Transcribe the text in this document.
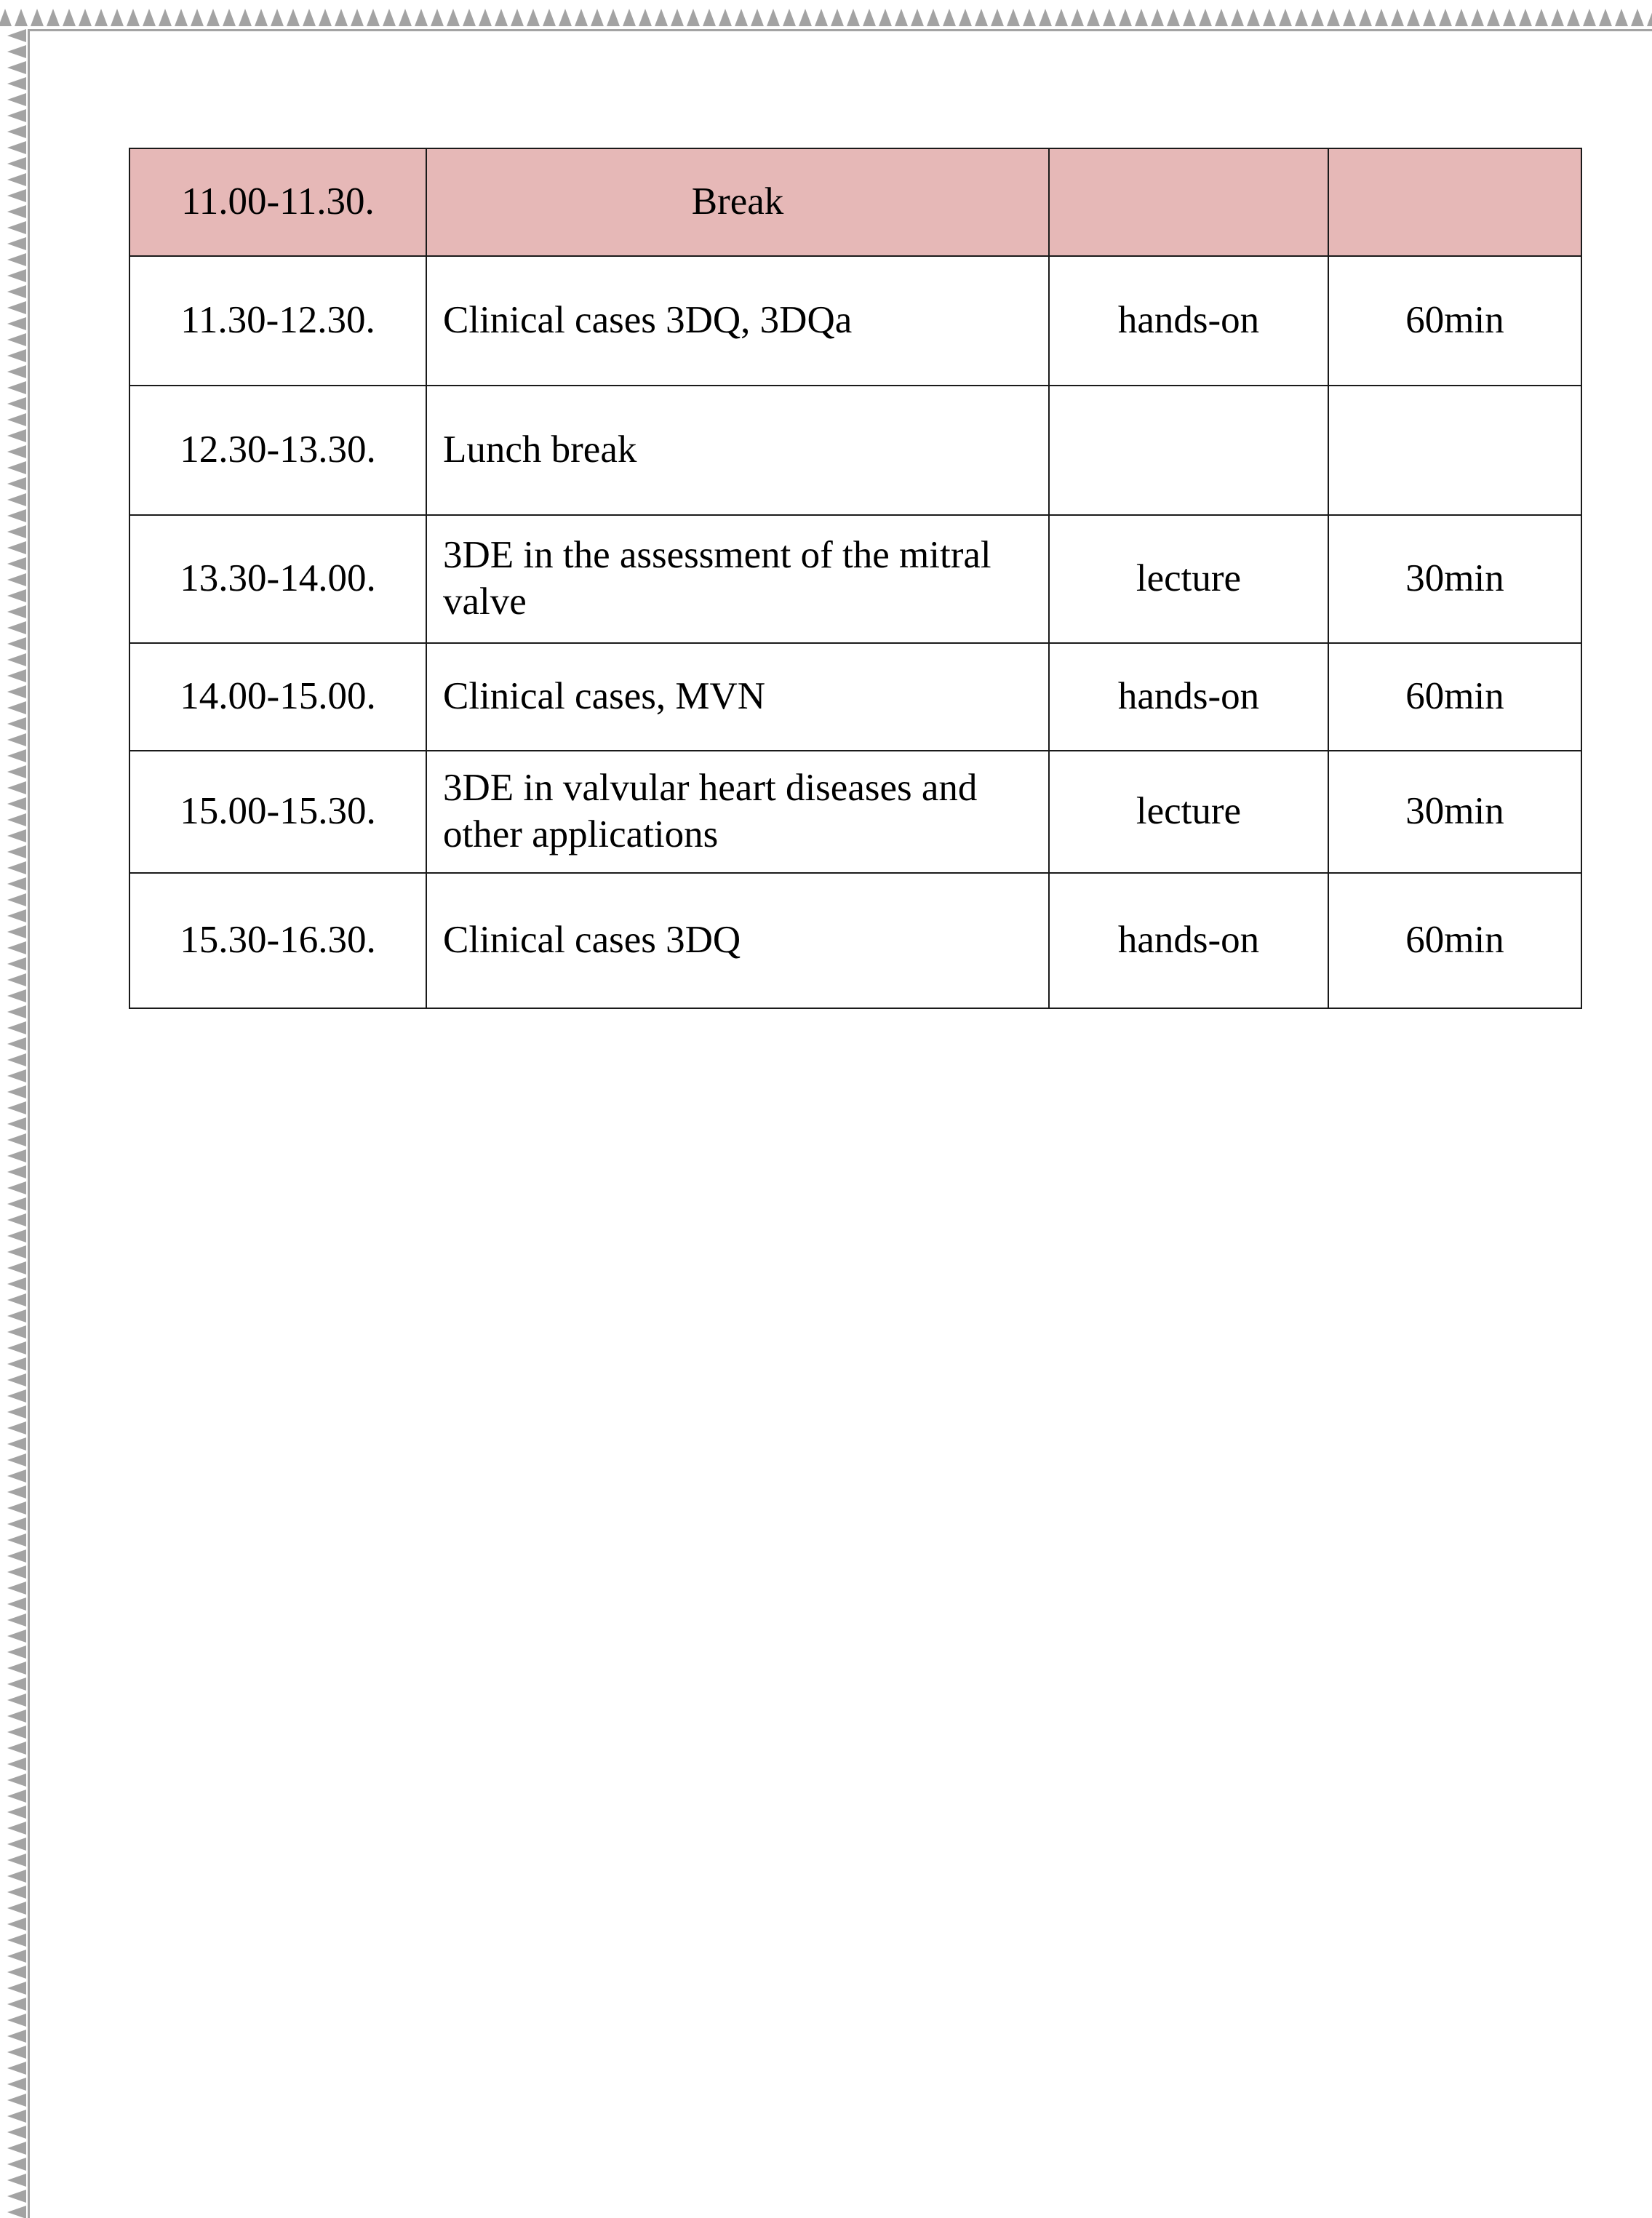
11.00-11.30.	Break		
11.30-12.30.	Clinical cases 3DQ, 3DQa	hands-on	60min
12.30-13.30.	Lunch break		
13.30-14.00.	3DE in the assessment of the mitral valve	lecture	30min
14.00-15.00.	Clinical cases, MVN	hands-on	60min
15.00-15.30.	3DE in valvular heart diseases and other applications	lecture	30min
15.30-16.30.	Clinical cases 3DQ	hands-on	60min
